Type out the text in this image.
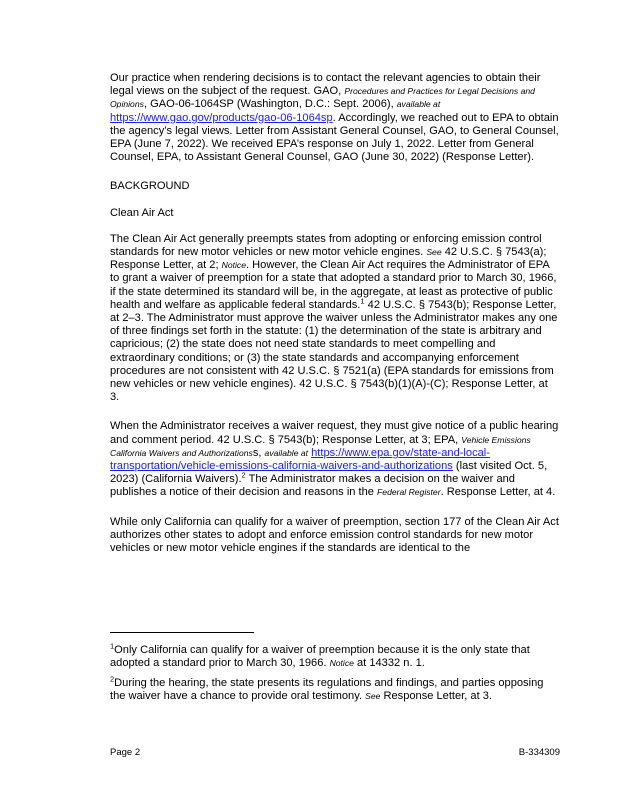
Our practice when rendering decisions is to contact the relevant agencies to obtain their legal views on the subject of the request. GAO, Procedures and Practices for Legal Decisions and Opinions, GAO-06-1064SP (Washington, D.C.: Sept. 2006), available at https://www.gao.gov/products/gao-06-1064sp. Accordingly, we reached out to EPA to obtain the agency’s legal views. Letter from Assistant General Counsel, GAO, to General Counsel, EPA (June 7, 2022). We received EPA’s response on July 1, 2022. Letter from General Counsel, EPA, to Assistant General Counsel, GAO (June 30, 2022) (Response Letter).

BACKGROUND

Clean Air Act

The Clean Air Act generally preempts states from adopting or enforcing emission control standards for new motor vehicles or new motor vehicle engines. See 42 U.S.C. § 7543(a); Response Letter, at 2; Notice. However, the Clean Air Act requires the Administrator of EPA to grant a waiver of preemption for a state that adopted a standard prior to March 30, 1966, if the state determined its standard will be, in the aggregate, at least as protective of public health and welfare as applicable federal standards.$^1$ 42 U.S.C. § 7543(b); Response Letter, at 2–3. The Administrator must approve the waiver unless the Administrator makes any one of three findings set forth in the statute: (1) the determination of the state is arbitrary and capricious; (2) the state does not need state standards to meet compelling and extraordinary conditions; or (3) the state standards and accompanying enforcement procedures are not consistent with 42 U.S.C. § 7521(a) (EPA standards for emissions from new vehicles or new vehicle engines). 42 U.S.C. § 7543(b)(1)(A)-(C); Response Letter, at 3.

When the Administrator receives a waiver request, they must give notice of a public hearing and comment period. 42 U.S.C. § 7543(b); Response Letter, at 3; EPA, Vehicle Emissions California Waivers and Authorizationss, available at https://www.epa.gov/state-and-local-transportation/vehicle-emissions-california-waivers-and-authorizations (last visited Oct. 5, 2023) (California Waivers).$^2$ The Administrator makes a decision on the waiver and publishes a notice of their decision and reasons in the Federal Register. Response Letter, at 4.

While only California can qualify for a waiver of preemption, section 177 of the Clean Air Act authorizes other states to adopt and enforce emission control standards for new motor vehicles or new motor vehicle engines if the standards are identical to the

$^1$Only California can qualify for a waiver of preemption because it is the only state that adopted a standard prior to March 30, 1966. Notice at 14332 n. 1.

$^2$During the hearing, the state presents its regulations and findings, and parties opposing the waiver have a chance to provide oral testimony. See Response Letter, at 3.

Page 2	B-334309
